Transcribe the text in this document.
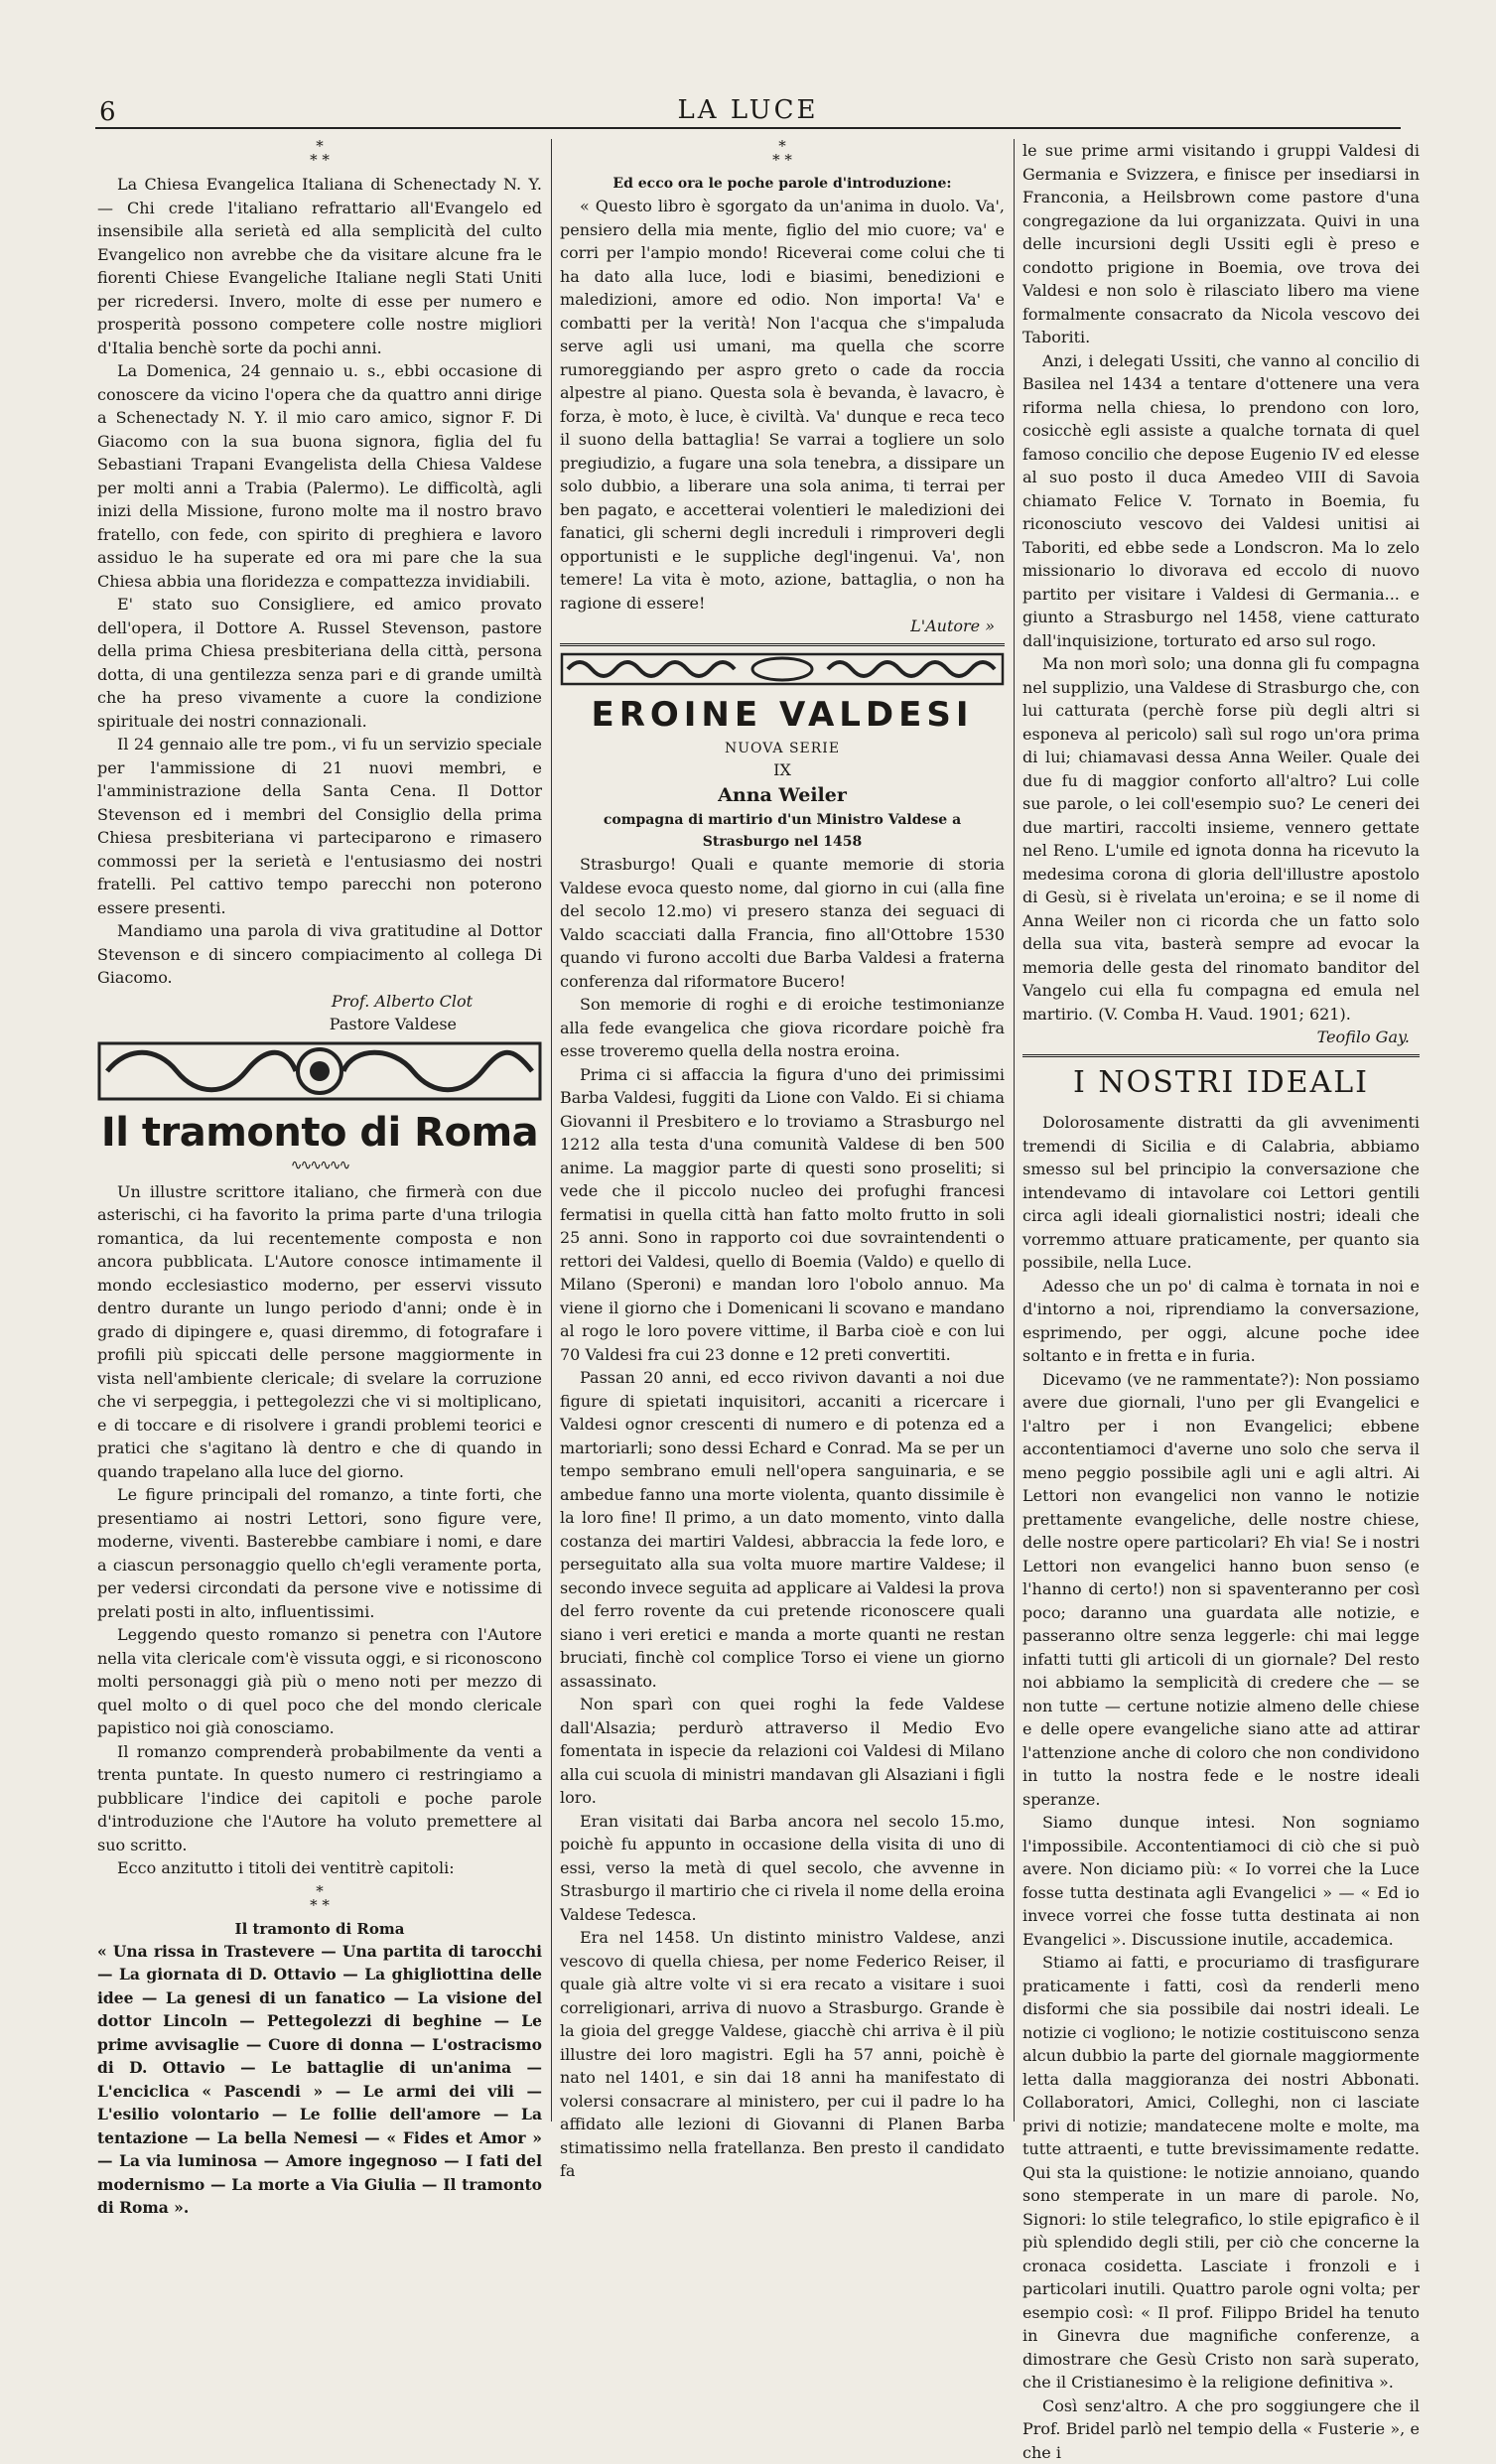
6	LA LUCE
*
* *

La Chiesa Evangelica Italiana di Schenectady N. Y. — Chi crede l'italiano refrattario all'Evangelo ed insensibile alla serietà ed alla semplicità del culto Evangelico non avrebbe che da visitare alcune fra le fiorenti Chiese Evangeliche Italiane negli Stati Uniti per ricredersi. Invero, molte di esse per numero e prosperità possono competere colle nostre migliori d'Italia benchè sorte da pochi anni.

La Domenica, 24 gennaio u. s., ebbi occasione di conoscere da vicino l'opera che da quattro anni dirige a Schenectady N. Y. il mio caro amico, signor F. Di Giacomo con la sua buona signora, figlia del fu Sebastiani Trapani Evangelista della Chiesa Valdese per molti anni a Trabia (Palermo). Le difficoltà, agli inizi della Missione, furono molte ma il nostro bravo fratello, con fede, con spirito di preghiera e lavoro assiduo le ha superate ed ora mi pare che la sua Chiesa abbia una floridezza e compattezza invidiabili.

E' stato suo Consigliere, ed amico provato dell'opera, il Dottore A. Russel Stevenson, pastore della prima Chiesa presbiteriana della città, persona dotta, di una gentilezza senza pari e di grande umiltà che ha preso vivamente a cuore la condizione spirituale dei nostri connazionali.

Il 24 gennaio alle tre pom., vi fu un servizio speciale per l'ammissione di 21 nuovi membri, e l'amministrazione della Santa Cena. Il Dottor Stevenson ed i membri del Consiglio della prima Chiesa presbiteriana vi parteciparono e rimasero commossi per la serietà e l'entusiasmo dei nostri fratelli. Pel cattivo tempo parecchi non poterono essere presenti.

Mandiamo una parola di viva gratitudine al Dottor Stevenson e di sincero compiacimento al collega Di Giacomo.

Prof. Alberto Clot
Pastore Valdese
Il tramonto di Roma
∿∿∿∿∿∿

Un illustre scrittore italiano, che firmerà con due asterischi, ci ha favorito la prima parte d'una trilogia romantica, da lui recentemente composta e non ancora pubblicata. L'Autore conosce intimamente il mondo ecclesiastico moderno, per esservi vissuto dentro durante un lungo periodo d'anni; onde è in grado di dipingere e, quasi diremmo, di fotografare i profili più spiccati delle persone maggiormente in vista nell'ambiente clericale; di svelare la corruzione che vi serpeggia, i pettegolezzi che vi si moltiplicano, e di toccare e di risolvere i grandi problemi teorici e pratici che s'agitano là dentro e che di quando in quando trapelano alla luce del giorno.

Le figure principali del romanzo, a tinte forti, che presentiamo ai nostri Lettori, sono figure vere, moderne, viventi. Basterebbe cambiare i nomi, e dare a ciascun personaggio quello ch'egli veramente porta, per vedersi circondati da persone vive e notissime di prelati posti in alto, influentissimi.

Leggendo questo romanzo si penetra con l'Autore nella vita clericale com'è vissuta oggi, e si riconoscono molti personaggi già più o meno noti per mezzo di quel molto o di quel poco che del mondo clericale papistico noi già conosciamo.

Il romanzo comprenderà probabilmente da venti a trenta puntate. In questo numero ci restringiamo a pubblicare l'indice dei capitoli e poche parole d'introduzione che l'Autore ha voluto premettere al suo scritto.

Ecco anzitutto i titoli dei ventitrè capitoli:

*
* *
Il tramonto di Roma

« Una rissa in Trastevere — Una partita di tarocchi — La giornata di D. Ottavio — La ghigliottina delle idee — La genesi di un fanatico — La visione del dottor Lincoln — Pettegolezzi di beghine — Le prime avvisaglie — Cuore di donna — L'ostracismo di D. Ottavio — Le battaglie di un'anima — L'enciclica « Pascendi » — Le armi dei vili — L'esilio volontario — Le follie dell'amore — La tentazione — La bella Nemesi — « Fides et Amor » — La via luminosa — Amore ingegnoso — I fati del modernismo — La morte a Via Giulia — Il tramonto di Roma ».

*
* *
Ed ecco ora le poche parole d'introduzione:

« Questo libro è sgorgato da un'anima in duolo. Va', pensiero della mia mente, figlio del mio cuore; va' e corri per l'ampio mondo! Riceverai come colui che ti ha dato alla luce, lodi e biasimi, benedizioni e maledizioni, amore ed odio. Non importa! Va' e combatti per la verità! Non l'acqua che s'impaluda serve agli usi umani, ma quella che scorre rumoreggiando per aspro greto o cade da roccia alpestre al piano. Questa sola è bevanda, è lavacro, è forza, è moto, è luce, è civiltà. Va' dunque e reca teco il suono della battaglia! Se varrai a togliere un solo pregiudizio, a fugare una sola tenebra, a dissipare un solo dubbio, a liberare una sola anima, ti terrai per ben pagato, e accetterai volentieri le maledizioni dei fanatici, gli scherni degli increduli i rimproveri degli opportunisti e le suppliche degl'ingenui. Va', non temere! La vita è moto, azione, battaglia, o non ha ragione di essere!

L'Autore »
EROINE VALDESI
NUOVA SERIE
IX
Anna Weiler
compagna di martirio d'un Ministro Valdese a Strasburgo nel 1458

Strasburgo! Quali e quante memorie di storia Valdese evoca questo nome, dal giorno in cui (alla fine del secolo 12.mo) vi presero stanza dei seguaci di Valdo scacciati dalla Francia, fino all'Ottobre 1530 quando vi furono accolti due Barba Valdesi a fraterna conferenza dal riformatore Bucero!

Son memorie di roghi e di eroiche testimonianze alla fede evangelica che giova ricordare poichè fra esse troveremo quella della nostra eroina.

Prima ci si affaccia la figura d'uno dei primissimi Barba Valdesi, fuggiti da Lione con Valdo. Ei si chiama Giovanni il Presbitero e lo troviamo a Strasburgo nel 1212 alla testa d'una comunità Valdese di ben 500 anime. La maggior parte di questi sono proseliti; si vede che il piccolo nucleo dei profughi francesi fermatisi in quella città han fatto molto frutto in soli 25 anni. Sono in rapporto coi due sovraintendenti o rettori dei Valdesi, quello di Boemia (Valdo) e quello di Milano (Speroni) e mandan loro l'obolo annuo. Ma viene il giorno che i Domenicani li scovano e mandano al rogo le loro povere vittime, il Barba cioè e con lui 70 Valdesi fra cui 23 donne e 12 preti convertiti.

Passan 20 anni, ed ecco rivivon davanti a noi due figure di spietati inquisitori, accaniti a ricercare i Valdesi ognor crescenti di numero e di potenza ed a martoriarli; sono dessi Echard e Conrad. Ma se per un tempo sembrano emuli nell'opera sanguinaria, e se ambedue fanno una morte violenta, quanto dissimile è la loro fine! Il primo, a un dato momento, vinto dalla costanza dei martiri Valdesi, abbraccia la fede loro, e perseguitato alla sua volta muore martire Valdese; il secondo invece seguita ad applicare ai Valdesi la prova del ferro rovente da cui pretende riconoscere quali siano i veri eretici e manda a morte quanti ne restan bruciati, finchè col complice Torso ei viene un giorno assassinato.

Non sparì con quei roghi la fede Valdese dall'Alsazia; perdurò attraverso il Medio Evo fomentata in ispecie da relazioni coi Valdesi di Milano alla cui scuola di ministri mandavan gli Alsaziani i figli loro.

Eran visitati dai Barba ancora nel secolo 15.mo, poichè fu appunto in occasione della visita di uno di essi, verso la metà di quel secolo, che avvenne in Strasburgo il martirio che ci rivela il nome della eroina Valdese Tedesca.

Era nel 1458. Un distinto ministro Valdese, anzi vescovo di quella chiesa, per nome Federico Reiser, il quale già altre volte vi si era recato a visitare i suoi correligionari, arriva di nuovo a Strasburgo. Grande è la gioia del gregge Valdese, giacchè chi arriva è il più illustre dei loro magistri. Egli ha 57 anni, poichè è nato nel 1401, e sin dai 18 anni ha manifestato di volersi consacrare al ministero, per cui il padre lo ha affidato alle lezioni di Giovanni di Planen Barba stimatissimo nella fratellanza. Ben presto il candidato fa

le sue prime armi visitando i gruppi Valdesi di Germania e Svizzera, e finisce per insediarsi in Franconia, a Heilsbrown come pastore d'una congregazione da lui organizzata. Quivi in una delle incursioni degli Ussiti egli è preso e condotto prigione in Boemia, ove trova dei Valdesi e non solo è rilasciato libero ma viene formalmente consacrato da Nicola vescovo dei Taboriti.

Anzi, i delegati Ussiti, che vanno al concilio di Basilea nel 1434 a tentare d'ottenere una vera riforma nella chiesa, lo prendono con loro, cosicchè egli assiste a qualche tornata di quel famoso concilio che depose Eugenio IV ed elesse al suo posto il duca Amedeo VIII di Savoia chiamato Felice V. Tornato in Boemia, fu riconosciuto vescovo dei Valdesi unitisi ai Taboriti, ed ebbe sede a Londscron. Ma lo zelo missionario lo divorava ed eccolo di nuovo partito per visitare i Valdesi di Germania... e giunto a Strasburgo nel 1458, viene catturato dall'inquisizione, torturato ed arso sul rogo.

Ma non morì solo; una donna gli fu compagna nel supplizio, una Valdese di Strasburgo che, con lui catturata (perchè forse più degli altri si esponeva al pericolo) salì sul rogo un'ora prima di lui; chiamavasi dessa Anna Weiler. Quale dei due fu di maggior conforto all'altro? Lui colle sue parole, o lei coll'esempio suo? Le ceneri dei due martiri, raccolti insieme, vennero gettate nel Reno. L'umile ed ignota donna ha ricevuto la medesima corona di gloria dell'illustre apostolo di Gesù, si è rivelata un'eroina; e se il nome di Anna Weiler non ci ricorda che un fatto solo della sua vita, basterà sempre ad evocar la memoria delle gesta del rinomato banditor del Vangelo cui ella fu compagna ed emula nel martirio. (V. Comba H. Vaud. 1901; 621).

Teofilo Gay.
I NOSTRI IDEALI

Dolorosamente distratti da gli avvenimenti tremendi di Sicilia e di Calabria, abbiamo smesso sul bel principio la conversazione che intendevamo di intavolare coi Lettori gentili circa agli ideali giornalistici nostri; ideali che vorremmo attuare praticamente, per quanto sia possibile, nella Luce.

Adesso che un po' di calma è tornata in noi e d'intorno a noi, riprendiamo la conversazione, esprimendo, per oggi, alcune poche idee soltanto e in fretta e in furia.

Dicevamo (ve ne rammentate?): Non possiamo avere due giornali, l'uno per gli Evangelici e l'altro per i non Evangelici; ebbene accontentiamoci d'averne uno solo che serva il meno peggio possibile agli uni e agli altri. Ai Lettori non evangelici non vanno le notizie prettamente evangeliche, delle nostre chiese, delle nostre opere particolari? Eh via! Se i nostri Lettori non evangelici hanno buon senso (e l'hanno di certo!) non si spaventeranno per così poco; daranno una guardata alle notizie, e passeranno oltre senza leggerle: chi mai legge infatti tutti gli articoli di un giornale? Del resto noi abbiamo la semplicità di credere che — se non tutte — certune notizie almeno delle chiese e delle opere evangeliche siano atte ad attirar l'attenzione anche di coloro che non condividono in tutto la nostra fede e le nostre ideali speranze.

Siamo dunque intesi. Non sogniamo l'impossibile. Accontentiamoci di ciò che si può avere. Non diciamo più: « Io vorrei che la Luce fosse tutta destinata agli Evangelici » — « Ed io invece vorrei che fosse tutta destinata ai non Evangelici ». Discussione inutile, accademica.

Stiamo ai fatti, e procuriamo di trasfigurare praticamente i fatti, così da renderli meno disformi che sia possibile dai nostri ideali. Le notizie ci vogliono; le notizie costituiscono senza alcun dubbio la parte del giornale maggiormente letta dalla maggioranza dei nostri Abbonati. Collaboratori, Amici, Colleghi, non ci lasciate privi di notizie; mandatecene molte e molte, ma tutte attraenti, e tutte brevissimamente redatte. Qui sta la quistione: le notizie annoiano, quando sono stemperate in un mare di parole. No, Signori: lo stile telegrafico, lo stile epigrafico è il più splendido degli stili, per ciò che concerne la cronaca cosidetta. Lasciate i fronzoli e i particolari inutili. Quattro parole ogni volta; per esempio così: « Il prof. Filippo Bridel ha tenuto in Ginevra due magnifiche conferenze, a dimostrare che Gesù Cristo non sarà superato, che il Cristianesimo è la religione definitiva ».

Così senz'altro. A che pro soggiungere che il Prof. Bridel parlò nel tempio della « Fusterie », e che i
